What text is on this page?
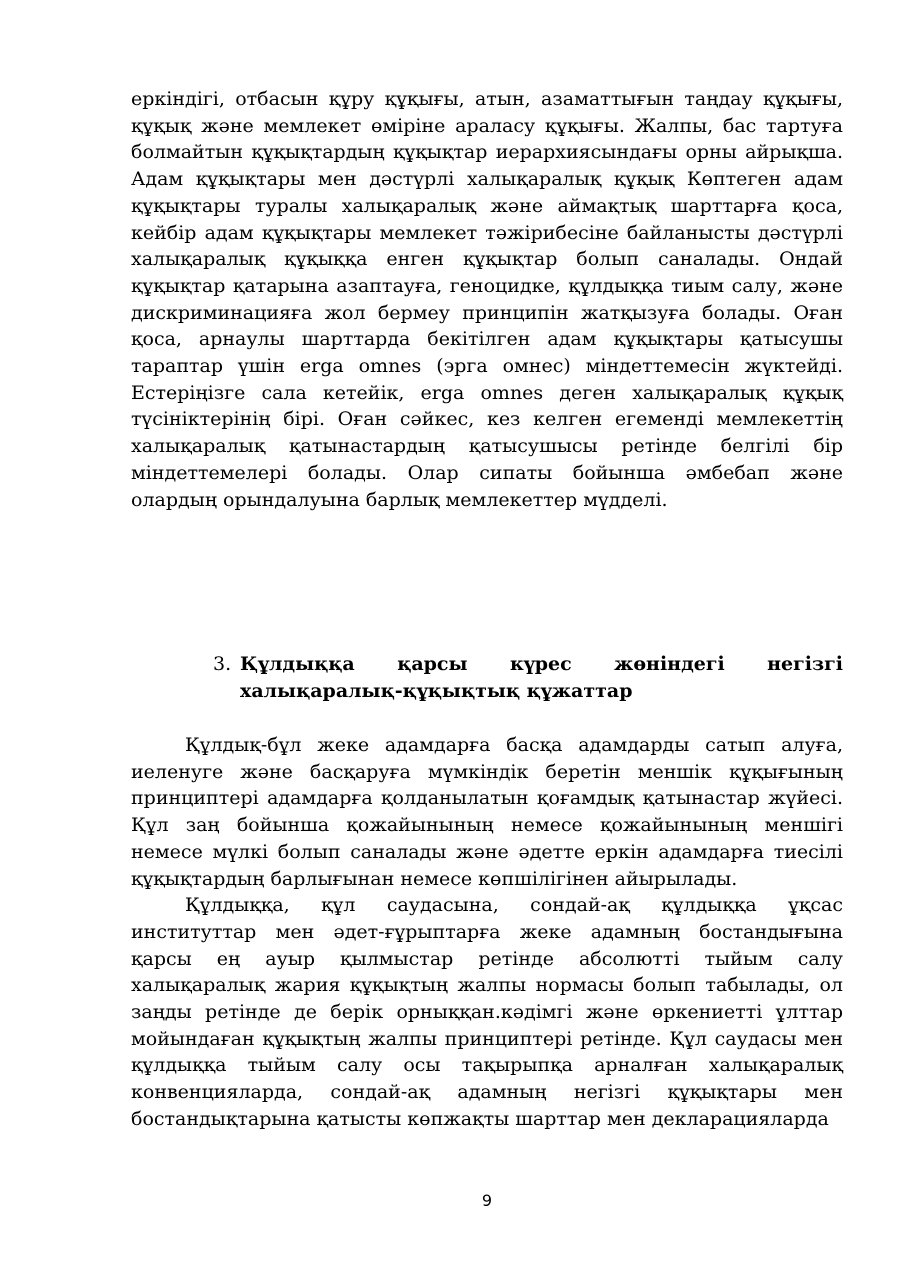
еркіндігі, отбасын құру құқығы, атын, азаматтығын таңдау құқығы, құқық және мемлекет өміріне араласу құқығы. Жалпы, бас тартуға болмайтын құқықтардың құқықтар иерархиясындағы орны айрықша. Адам құқықтары мен дәстүрлі халықаралық құқық Көптеген адам құқықтары туралы халықаралық және аймақтық шарттарға қоса, кейбір адам құқықтары мемлекет тәжірибесіне байланысты дәстүрлі халықаралық құқыққа енген құқықтар болып саналады. Ондай құқықтар қатарына азаптауға, геноцидке, құлдыққа тиым салу, және дискриминацияға жол бермеу принципін жатқызуға болады. Оған қоса, арнаулы шарттарда бекітілген адам құқықтары қатысушы тараптар үшін erga omnes (эрга омнес) міндеттемесін жүктейді. Естеріңізге сала кетейік, erga omnes деген халықаралық құқық түсініктерінің бірі. Оған сәйкес, кез келген егеменді мемлекеттің халықаралық қатынастардың қатысушысы ретінде белгілі бір міндеттемелері болады. Олар сипаты бойынша әмбебап және олардың орындалуына барлық мемлекеттер мүдделі.

3. Құлдыққа қарсы күрес жөніндегі негізгі халықаралық-құқықтық құжаттар

Құлдық-бұл жеке адамдарға басқа адамдарды сатып алуға, иеленуге және басқаруға мүмкіндік беретін меншік құқығының принциптері адамдарға қолданылатын қоғамдық қатынастар жүйесі. Құл заң бойынша қожайынының немесе қожайынының меншігі немесе мүлкі болып саналады және әдетте еркін адамдарға тиесілі құқықтардың барлығынан немесе көпшілігінен айырылады.

Құлдыққа, құл саудасына, сондай-ақ құлдыққа ұқсас институттар мен әдет-ғұрыптарға жеке адамның бостандығына қарсы ең ауыр қылмыстар ретінде абсолютті тыйым салу халықаралық жария құқықтың жалпы нормасы болып табылады, ол заңды ретінде де берік орныққан.кәдімгі және өркениетті ұлттар мойындаған құқықтың жалпы принциптері ретінде. Құл саудасы мен құлдыққа тыйым салу осы тақырыпқа арналған халықаралық конвенцияларда, сондай-ақ адамның негізгі құқықтары мен бостандықтарына қатысты көпжақты шарттар мен декларацияларда

9
